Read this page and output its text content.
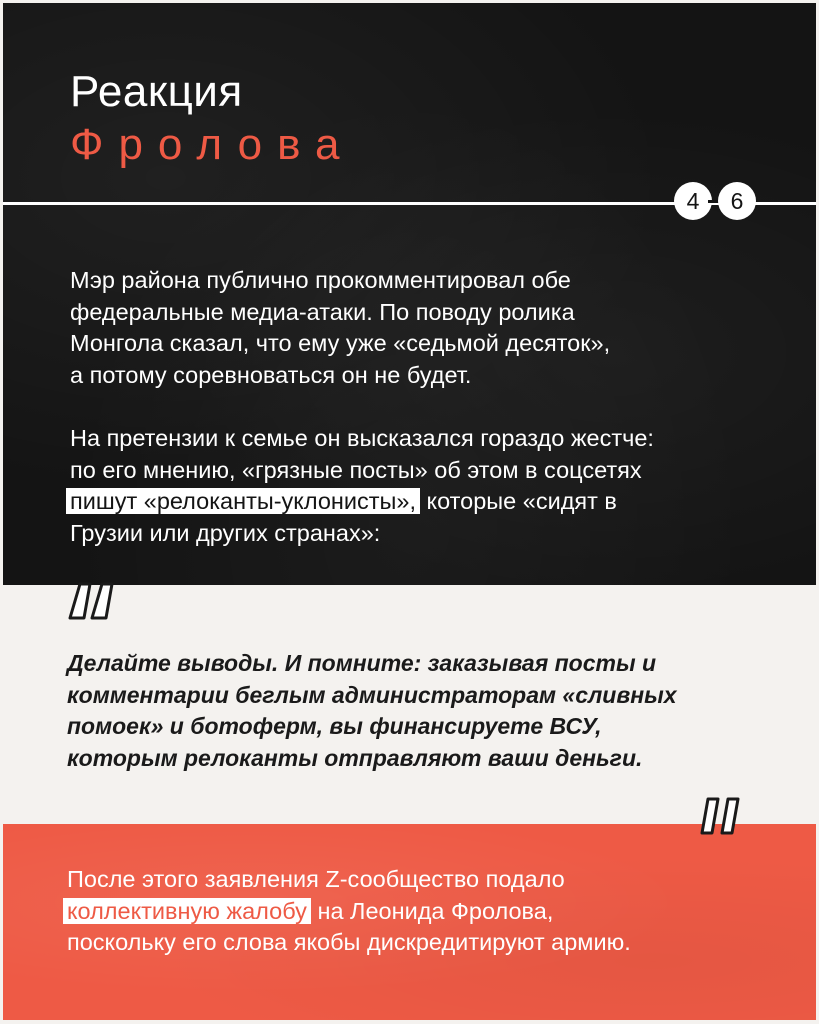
Реакция
Фролова

Мэр района публично прокомментировал обе
федеральные медиа-атаки. По поводу ролика
Монгола сказал, что ему уже «седьмой десяток»,
а потому соревноваться он не будет.

На претензии к семье он высказался гораздо жестче:
по его мнению, «грязные посты» об этом в соцсетях
пишут «релоканты-уклонисты», которые «сидят в
Грузии или других странах»:

4	6

Делайте выводы. И помните: заказывая посты и
комментарии беглым администраторам «сливных
помоек» и ботоферм, вы финансируете ВСУ,
которым релоканты отправляют ваши деньги.

После этого заявления Z-сообщество подало
коллективную жалобу на Леонида Фролова,
поскольку его слова якобы дискредитируют армию.
